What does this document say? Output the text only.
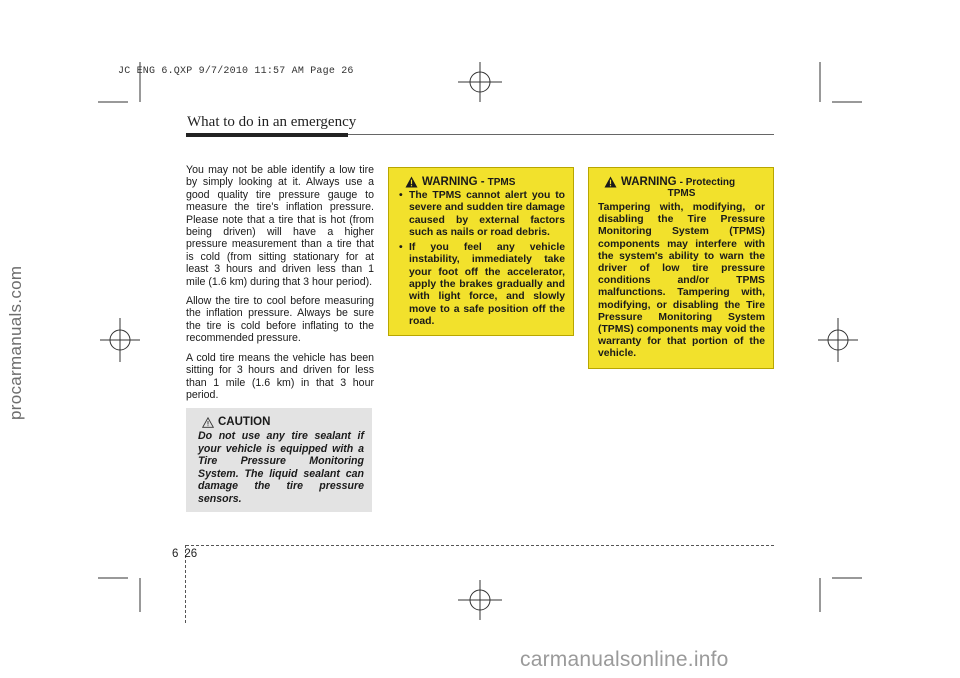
JC ENG 6.QXP 9/7/2010 11:57 AM Page 26
procarmanuals.com
What to do in an emergency

You may not be able identify a low tire by simply looking at it. Always use a good quality tire pressure gauge to measure the tire's inflation pressure. Please note that a tire that is hot (from being driven) will have a higher pressure measurement than a tire that is cold (from sitting stationary for at least 3 hours and driven less than 1 mile (1.6 km) during that 3 hour period).

Allow the tire to cool before measuring the inflation pressure. Always be sure the tire is cold before inflating to the recommended pressure.

A cold tire means the vehicle has been sitting for 3 hours and driven for less than 1 mile (1.6 km) in that 3 hour period.

CAUTION
Do not use any tire sealant if your vehicle is equipped with a Tire Pressure Monitoring System. The liquid sealant can damage the tire pressure sensors.
WARNING - TPMS
• The TPMS cannot alert you to severe and sudden tire damage caused by external factors such as nails or road debris.
• If you feel any vehicle instability, immediately take your foot off the accelerator, apply the brakes gradually and with light force, and slowly move to a safe position off the road.
WARNING - Protecting
TPMS
Tampering with, modifying, or disabling the Tire Pressure Monitoring System (TPMS) components may interfere with the system's ability to warn the driver of low tire pressure conditions and/or TPMS malfunctions. Tampering with, modifying, or disabling the Tire Pressure Monitoring System (TPMS) components may void the warranty for that portion of the vehicle.
6 26
carmanualsonline.info
